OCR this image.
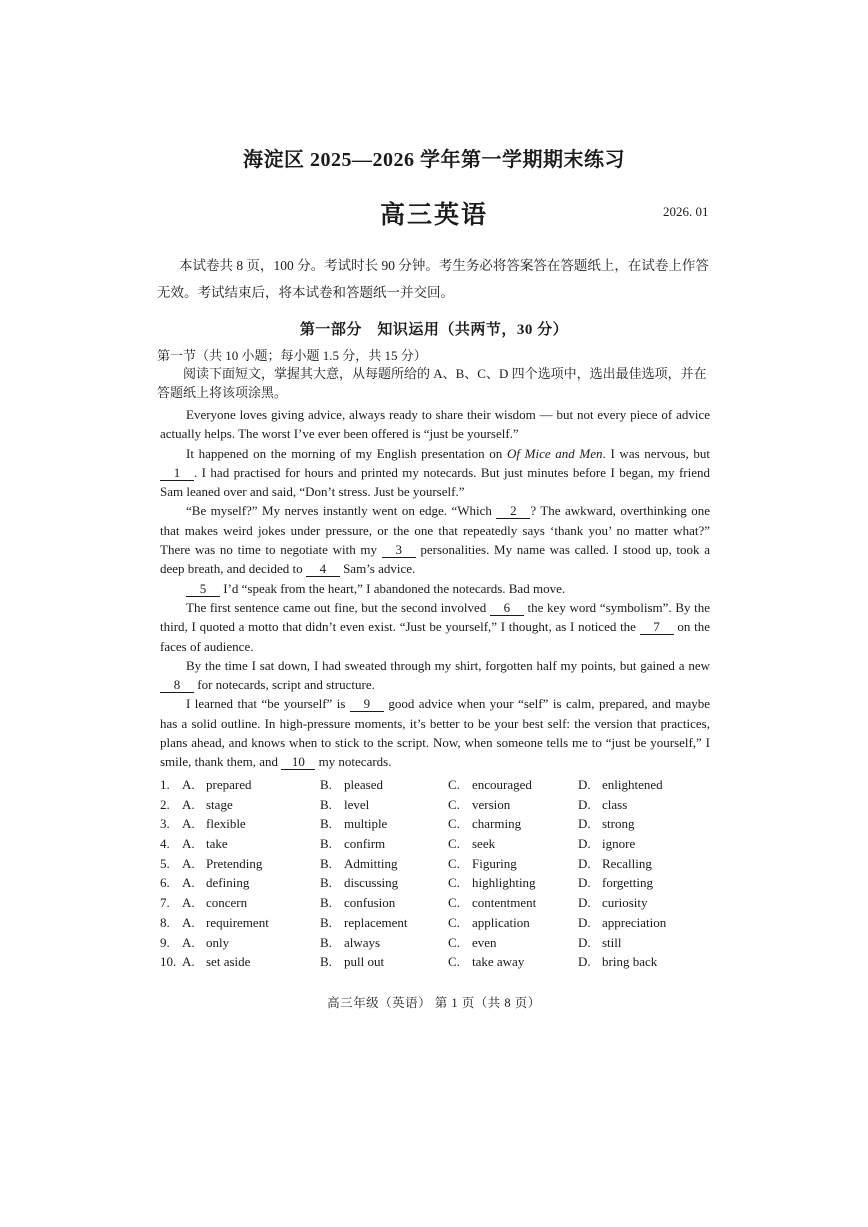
海淀区 2025—2026 学年第一学期期末练习
高三英语	2026. 01
本试卷共 8 页，100 分。考试时长 90 分钟。考生务必将答案答在答题纸上，在试卷上作答无效。考试结束后，将本试卷和答题纸一并交回。
第一部分　知识运用（共两节，30 分）
第一节（共 10 小题；每小题 1.5 分，共 15 分）
阅读下面短文，掌握其大意，从每题所给的 A、B、C、D 四个选项中，选出最佳选项，并在答题纸上将该项涂黑。

Everyone loves giving advice, always ready to share their wisdom — but not every piece of advice actually helps. The worst I’ve ever been offered is “just be yourself.”

It happened on the morning of my English presentation on Of Mice and Men. I was nervous, but 1 . I had practised for hours and printed my notecards. But just minutes before I began, my friend Sam leaned over and said, “Don’t stress. Just be yourself.”

“Be myself?” My nerves instantly went on edge. “Which 2 ? The awkward, overthinking one that makes weird jokes under pressure, or the one that repeatedly says ‘thank you’ no matter what?” There was no time to negotiate with my 3 personalities. My name was called. I stood up, took a deep breath, and decided to 4 Sam’s advice.

5 I’d “speak from the heart,” I abandoned the notecards. Bad move.

The first sentence came out fine, but the second involved 6 the key word “symbolism”. By the third, I quoted a motto that didn’t even exist. “Just be yourself,” I thought, as I noticed the 7 on the faces of audience.

By the time I sat down, I had sweated through my shirt, forgotten half my points, but gained a new 8 for notecards, script and structure.

I learned that “be yourself” is 9 good advice when your “self” is calm, prepared, and maybe has a solid outline. In high-pressure moments, it’s better to be your best self: the version that practices, plans ahead, and knows when to stick to the script. Now, when someone tells me to “just be yourself,” I smile, thank them, and 10 my notecards.

1. A. prepared	B. pleased	C. encouraged	D. enlightened
2. A. stage	B. level	C. version	D. class
3. A. flexible	B. multiple	C. charming	D. strong
4. A. take	B. confirm	C. seek	D. ignore
5. A. Pretending	B. Admitting	C. Figuring	D. Recalling
6. A. defining	B. discussing	C. highlighting	D. forgetting
7. A. concern	B. confusion	C. contentment	D. curiosity
8. A. requirement	B. replacement	C. application	D. appreciation
9. A. only	B. always	C. even	D. still
10. A. set aside	B. pull out	C. take away	D. bring back
高三年级（英语） 第 1 页（共 8 页）
